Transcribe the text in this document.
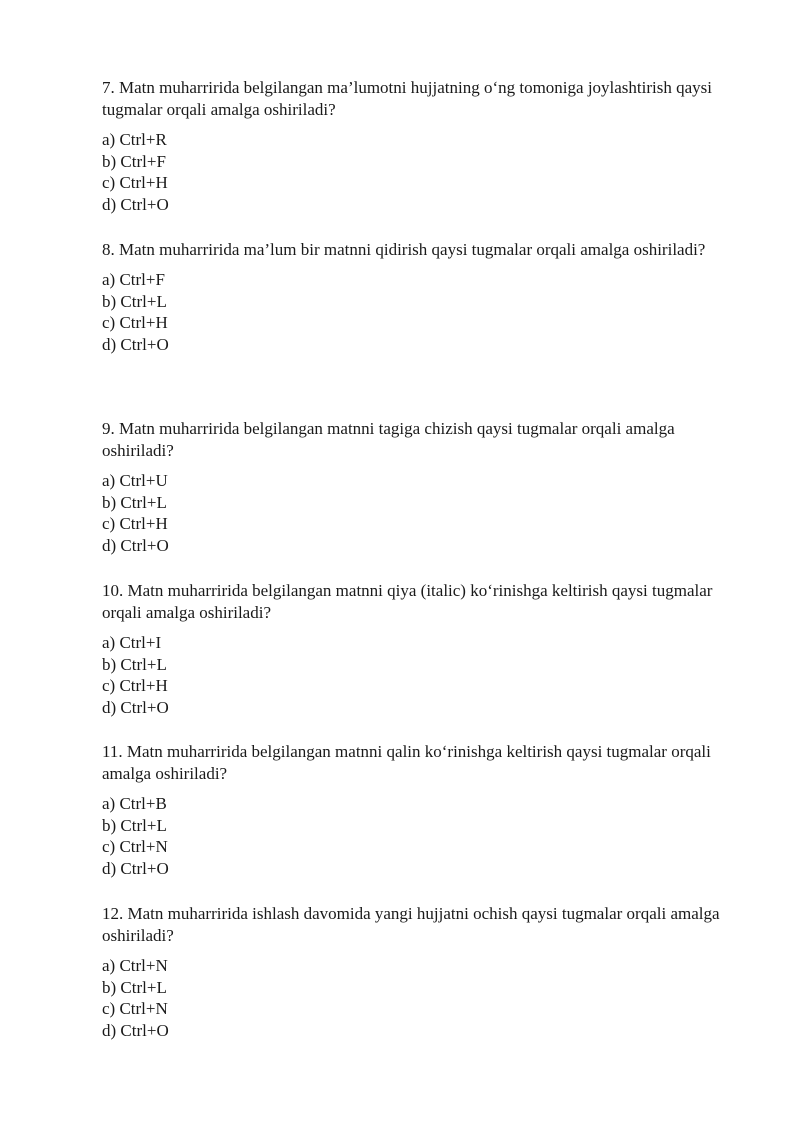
7. Matn muharririda belgilangan ma’lumotni hujjatning o‘ng tomoniga joylashtirish qaysi tugmalar orqali amalga oshiriladi?

a) Ctrl+R
b) Ctrl+F
c) Ctrl+H
d) Ctrl+O

8. Matn muharririda ma’lum bir matnni qidirish qaysi tugmalar orqali amalga oshiriladi?

a) Ctrl+F
b) Ctrl+L
c) Ctrl+H
d) Ctrl+O

9. Matn muharririda belgilangan matnni tagiga chizish qaysi tugmalar orqali amalga oshiriladi?

a) Ctrl+U
b) Ctrl+L
c) Ctrl+H
d) Ctrl+O

10. Matn muharririda belgilangan matnni qiya (italic) ko‘rinishga keltirish qaysi tugmalar orqali amalga oshiriladi?

a) Ctrl+I
b) Ctrl+L
c) Ctrl+H
d) Ctrl+O

11. Matn muharririda belgilangan matnni qalin ko‘rinishga keltirish qaysi tugmalar orqali amalga oshiriladi?

a) Ctrl+B
b) Ctrl+L
c) Ctrl+N
d) Ctrl+O

12. Matn muharririda ishlash davomida yangi hujjatni ochish qaysi tugmalar orqali amalga oshiriladi?

a) Ctrl+N
b) Ctrl+L
c) Ctrl+N
d) Ctrl+O
